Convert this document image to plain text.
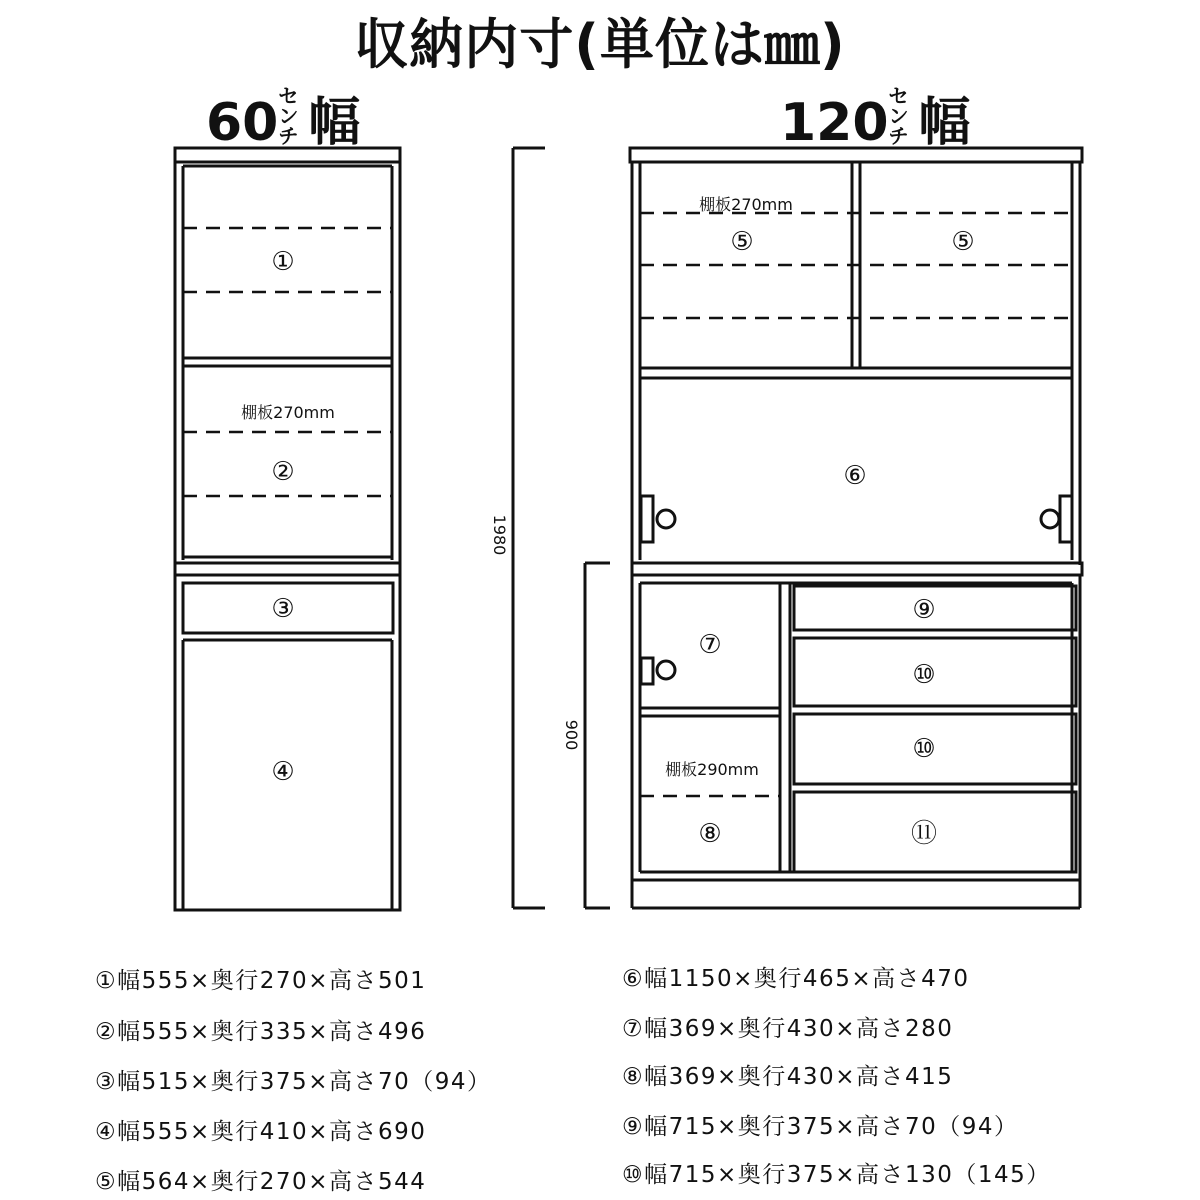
収納内寸(単位は㎜)
60センチ 幅	120センチ 幅
①
②
③
④
⑤	⑤
⑥
⑦
⑧
⑨
⑩
⑩
⑪
棚板270mm
棚板270mm
棚板290mm
1980
900
①幅555×奥行270×高さ501
②幅555×奥行335×高さ496
③幅515×奥行375×高さ70（94）
④幅555×奥行410×高さ690
⑤幅564×奥行270×高さ544
⑥幅1150×奥行465×高さ470
⑦幅369×奥行430×高さ280
⑧幅369×奥行430×高さ415
⑨幅715×奥行375×高さ70（94）
⑩幅715×奥行375×高さ130（145）
